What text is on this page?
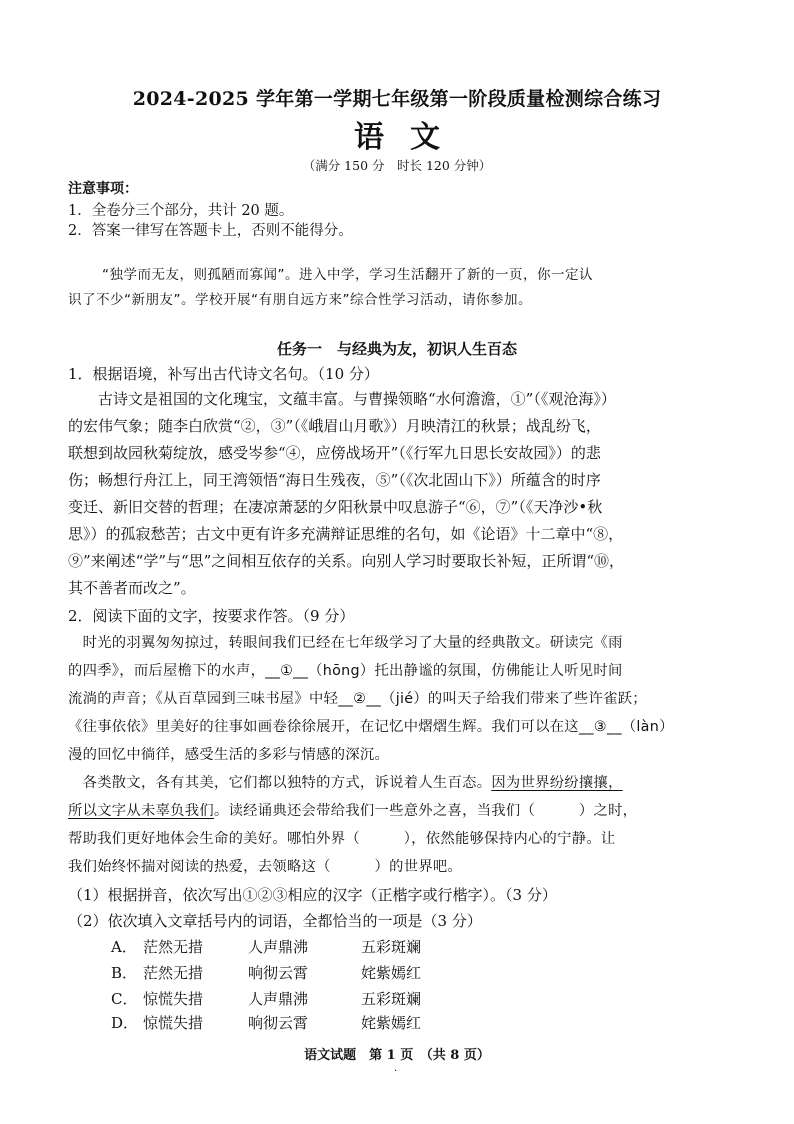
2024-2025 学年第一学期七年级第一阶段质量检测综合练习
语文
（满分 150 分　时长 120 分钟）
注意事项：
1．全卷分三个部分，共计 20 题。
2．答案一律写在答题卡上，否则不能得分。
“独学而无友，则孤陋而寡闻”。进入中学，学习生活翻开了新的一页，你一定认
识了不少“新朋友”。学校开展“有朋自远方来”综合性学习活动，请你参加。
任务一　与经典为友，初识人生百态
1．根据语境，补写出古代诗文名句。（10 分）
　　古诗文是祖国的文化瑰宝，文蕴丰富。与曹操领略“水何澹澹，①”（《观沧海》）
的宏伟气象；随李白欣赏“②，③”（《峨眉山月歌》）月映清江的秋景；战乱纷飞，
联想到故园秋菊绽放，感受岑参“④，应傍战场开”（《行军九日思长安故园》）的悲
伤；畅想行舟江上，同王湾领悟“海日生残夜，⑤”（《次北固山下》）所蕴含的时序
变迁、新旧交替的哲理；在凄凉萧瑟的夕阳秋景中叹息游子“⑥，⑦”（《天净沙•秋
思》）的孤寂愁苦；古文中更有许多充满辩证思维的名句，如《论语》十二章中“⑧，
⑨”来阐述“学”与“思”之间相互依存的关系。向别人学习时要取长补短，正所谓“⑩，
其不善者而改之”。
2．阅读下面的文字，按要求作答。（9 分）
　时光的羽翼匆匆掠过，转眼间我们已经在七年级学习了大量的经典散文。研读完《雨
的四季》，而后屋檐下的水声，__①__（hōng）托出静谧的氛围，仿佛能让人听见时间
流淌的声音；《从百草园到三味书屋》中轻__②__（jié）的叫天子给我们带来了些许雀跃；
《往事依依》里美好的往事如画卷徐徐展开，在记忆中熠熠生辉。我们可以在这__③__（làn）
漫的回忆中徜徉，感受生活的多彩与情感的深沉。
　各类散文，各有其美，它们都以独特的方式，诉说着人生百态。因为世界纷纷攘攘，
所以文字从未辜负我们。读经诵典还会带给我们一些意外之喜，当我们（　　　）之时，
帮助我们更好地体会生命的美好。哪怕外界（　　　），依然能够保持内心的宁静。让
我们始终怀揣对阅读的热爱，去领略这（　　　）的世界吧。
（1）根据拼音，依次写出①②③相应的汉字（正楷字或行楷字）。（3 分）
（2）依次填入文章括号内的词语，全都恰当的一项是（3 分）
A． 茫然无措	人声鼎沸	五彩斑斓
B． 茫然无措	响彻云霄	姹紫嫣红
C． 惊慌失措	人声鼎沸	五彩斑斓
D． 惊慌失措	响彻云霄	姹紫嫣红
语文试题　第 1 页　（共 8 页）
·
